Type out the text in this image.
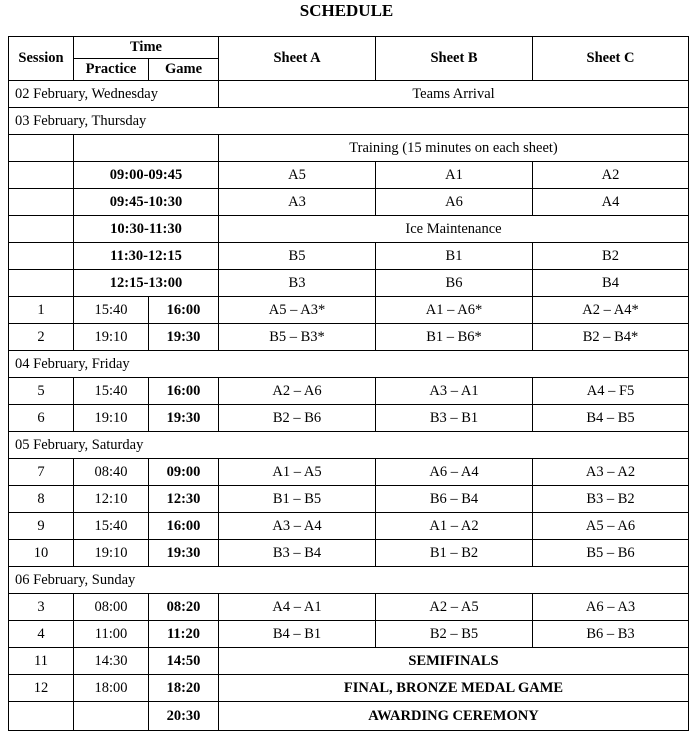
SCHEDULE
Session	Time		Sheet A	Sheet B	Sheet C
	Practice	Game			
02 February, Wednesday			Teams Arrival		
03 February, Thursday					
			Training (15 minutes on each sheet)		
	09:00-09:45		A5	A1	A2
	09:45-10:30		A3	A6	A4
	10:30-11:30		Ice Maintenance		
	11:30-12:15		B5	B1	B2
	12:15-13:00		B3	B6	B4
1	15:40	16:00	A5 – A3*	A1 – A6*	A2 – A4*
2	19:10	19:30	B5 – B3*	B1 – B6*	B2 – B4*
04 February, Friday					
5	15:40	16:00	A2 – A6	A3 – A1	A4 – F5
6	19:10	19:30	B2 – B6	B3 – B1	B4 – B5
05 February, Saturday					
7	08:40	09:00	A1 – A5	A6 – A4	A3 – A2
8	12:10	12:30	B1 – B5	B6 – B4	B3 – B2
9	15:40	16:00	A3 – A4	A1 – A2	A5 – A6
10	19:10	19:30	B3 – B4	B1 – B2	B5 – B6
06 February, Sunday					
3	08:00	08:20	A4 – A1	A2 – A5	A6 – A3
4	11:00	11:20	B4 – B1	B2 – B5	B6 – B3
11	14:30	14:50	SEMIFINALS		
12	18:00	18:20	FINAL, BRONZE MEDAL GAME		
		20:30	AWARDING CEREMONY		
